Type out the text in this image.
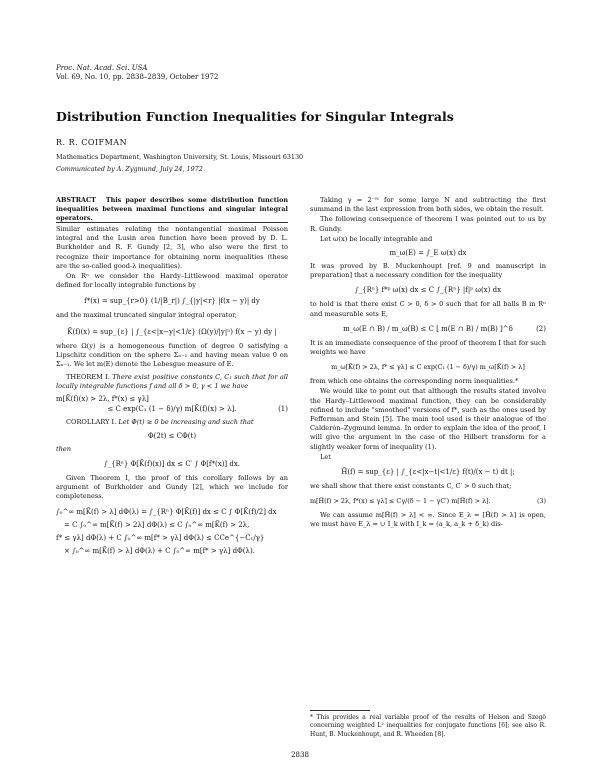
Proc. Nat. Acad. Sci. USA
Vol. 69, No. 10, pp. 2838–2839, October 1972
Distribution Function Inequalities for Singular Integrals
R. R. COIFMAN
Mathematics Department, Washington University, St. Louis, Missouri 63130
Communicated by A. Zygmund, July 24, 1972
ABSTRACT This paper describes some distribution function inequalities between maximal functions and singular integral operators.

Similar estimates relating the nontangential maximal Poisson integral and the Lusin area function have been proved by D. L. Burkholder and R. F. Gundy [2, 3], who also were the first to recognize their importance for obtaining norm inequalities (these are the so-called good-λ inequalities).

On Rⁿ we consider the Hardy–Littlewood maximal operator defined for locally integrable functions by

f*(x) = sup_{r>0} (1/|B_r|) ∫_{|y|<r} |f(x − y)| dy

and the maximal truncated singular integral operator,

K̃(f)(x) = sup_{ε} | ∫_{ε<|x−y|<1/ε} (Ω(y)/|y|ⁿ) f(x − y) dy |

where Ω(y) is a homogeneous function of degree 0 satisfying a Lipschitz condition on the sphere Σₙ₋₁ and having mean value 0 on Σₙ₋₁. We let m(E) denote the Lebesgue measure of E.

THEOREM I. There exist positive constants C, C₁ such that for all locally integrable functions f and all δ > 0, γ < 1 we have

m[K̃(f)(x) > 2λ, f*(x) ≤ γλ]
≤ C exp(C₁ (1 − δ)/γ) m[K̃(f)(x) > λ].	(1)

COROLLARY I. Let Φ(t) ≥ 0 be increasing and such that

Φ(2t) ≤ CΦ(t)

then

∫_{Rⁿ} Φ[K̃(f)(x)] dx ≤ C′ ∫ Φ[f*(x)] dx.

Given Theorem I, the proof of this corollary follows by an argument of Burkholder and Gundy [2], which we include for completeness.

∫₀^∞ m[K̃(f) > λ] dΦ(λ) = ∫_{Rⁿ} Φ[K̃(f)] dx ≤ C ∫ Φ[K̃(f)/2] dx
= C ∫₀^∞ m[K̃(f) > 2λ] dΦ(λ) ≤ C ∫₀^∞ m[K̃(f) > 2λ,
f* ≤ γλ] dΦ(λ) + C ∫₀^∞ m[f* > γλ] dΦ(λ) ≤ CCe^{−C₁/γ}
× ∫₀^∞ m[K̃(f) > λ] dΦ(λ) + C ∫₀^∞ m[f* > γλ] dΦ(λ).

Taking γ = 2⁻ᴺ for some large N and subtracting the first summand in the last expression from both sides, we obtain the result.

The following consequence of theorem I was pointed out to us by R. Gundy.

Let ω(x) be locally integrable and

m_ω(E) = ∫_E ω(x) dx

It was proved by B. Muckenhoupt [ref. 9 and manuscript in preparation] that a necessary condition for the inequality

∫_{Rⁿ} f*ᵖ ω(x) dx ≤ C ∫_{Rⁿ} |f|ᵖ ω(x) dx

to hold is that there exist C > 0, δ > 0 such that for all balls B in Rⁿ and measurable sets E,

m_ω(E ∩ B) / m_ω(B) ≤ C [ m(E ∩ B) / m(B) ]^δ	(2)

It is an immediate consequence of the proof of theorem I that for such weights we have

m_ω[K̃(f) > 2λ, f* ≤ γλ] ≤ C exp(C₁ (1 − δ)/γ) m_ω[K̃(f) > λ]

from which one obtains the corresponding norm inequalities.*

We would like to point out that although the results stated involve the Hardy–Littlewood maximal function, they can be considerably refined to include "smoothed" versions of f*, such as the ones used by Fefferman and Stein [5]. The main tool used is their analogue of the Calderón–Zygmund lemma. In order to explain the idea of the proof, I will give the argument in the case of the Hilbert transform for a slightly weaker form of inequality (1).

Let

H̃(f) = sup_{ε} | ∫_{ε<|x−t|<1/ε} f(t)/(x − t) dt |;

we shall show that there exist constants C, C′ > 0 such that;

m[H̃(f) > 2λ, f*(x) ≤ γλ] ≤ Cγ/(δ − 1 − γC′) m[H̃(f) > λ].	(3)

We can assume m[H̃(f) > λ] < ∞. Since E_λ = [H̃(f) > λ] is open, we must have E_λ = ∪ I_k with I_k = (a_k, a_k + δ_k) dis-

* This provides a real variable proof of the results of Helson and Szegö concerning weighted L² inequalities for conjugate functions [6]; see also R. Hunt, B. Muckenhoupt, and R. Wheeden [8].
2838
